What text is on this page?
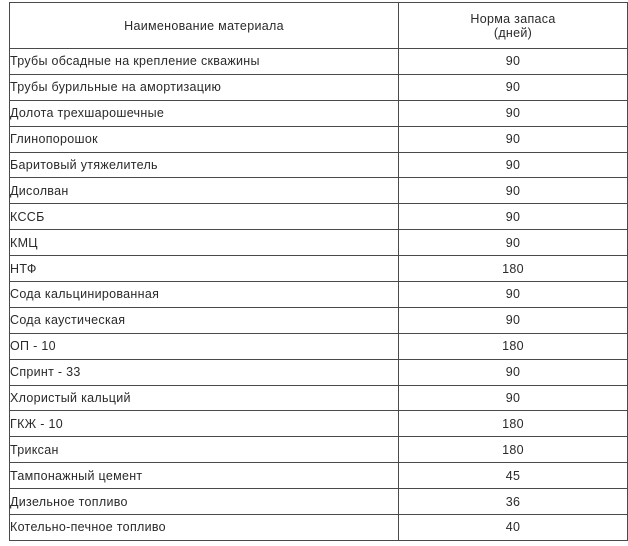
Наименование материала	Норма запаса
(дней)

Трубы обсадные на крепление скважины	90
Трубы бурильные на амортизацию	90
Долота трехшарошечные	90
Глинопорошок	90
Баритовый утяжелитель	90
Дисолван	90
КССБ	90
КМЦ	90
НТФ	180
Сода кальцинированная	90
Сода каустическая	90
ОП - 10	180
Спринт - 33	90
Хлористый кальций	90
ГКЖ - 10	180
Триксан	180
Тампонажный цемент	45
Дизельное топливо	36
Котельно-печное топливо	40
